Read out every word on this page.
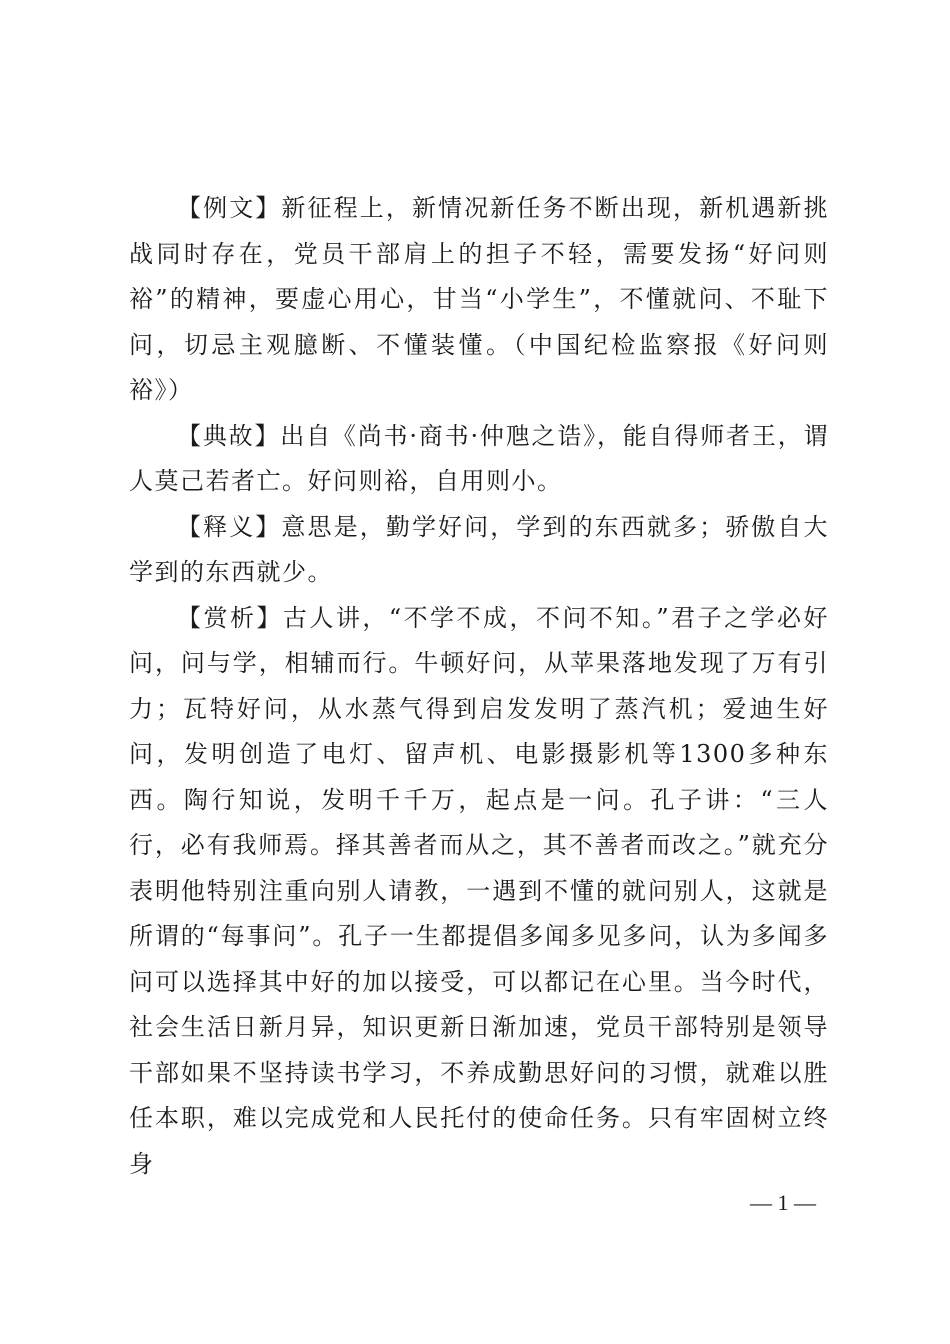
【例文】新征程上，新情况新任务不断出现，新机遇新挑战同时存在，党员干部肩上的担子不轻，需要发扬“好问则裕”的精神，要虚心用心，甘当“小学生”，不懂就问、不耻下问，切忌主观臆断、不懂装懂。（中国纪检监察报《好问则裕》）

【典故】出自《尚书·商书·仲虺之诰》，能自得师者王，谓人莫己若者亡。好问则裕，自用则小。

【释义】意思是，勤学好问，学到的东西就多；骄傲自大学到的东西就少。

【赏析】古人讲，“不学不成，不问不知。”君子之学必好问，问与学，相辅而行。牛顿好问，从苹果落地发现了万有引力；瓦特好问，从水蒸气得到启发发明了蒸汽机；爱迪生好问，发明创造了电灯、留声机、电影摄影机等1300多种东西。陶行知说，发明千千万，起点是一问。孔子讲：“三人行，必有我师焉。择其善者而从之，其不善者而改之。”就充分表明他特别注重向别人请教，一遇到不懂的就问别人，这就是所谓的“每事问”。孔子一生都提倡多闻多见多问，认为多闻多问可以选择其中好的加以接受，可以都记在心里。当今时代，社会生活日新月异，知识更新日渐加速，党员干部特别是领导干部如果不坚持读书学习，不养成勤思好问的习惯，就难以胜任本职，难以完成党和人民托付的使命任务。只有牢固树立终身

— 1 —
